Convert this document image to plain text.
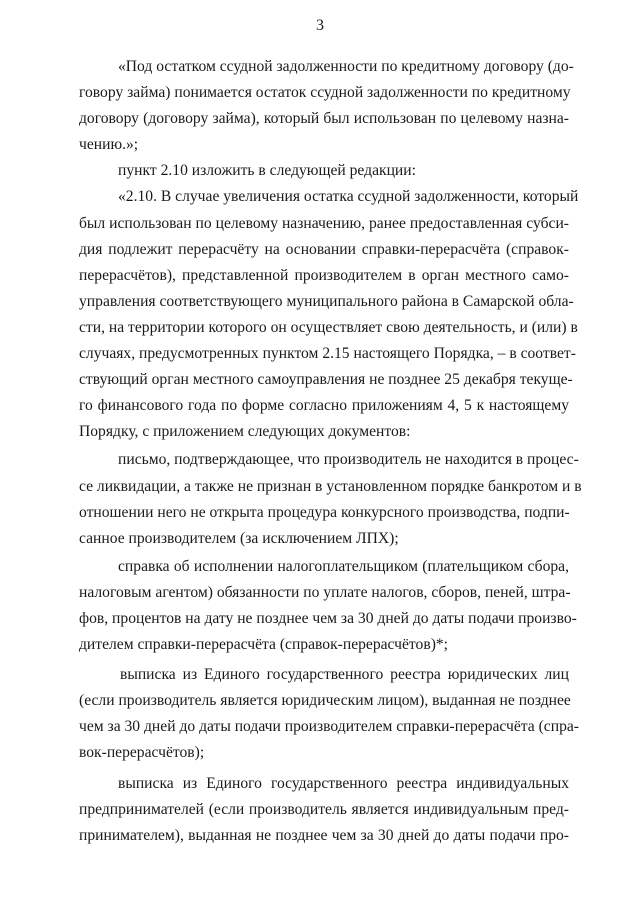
3
«Под остатком ссудной задолженности по кредитному договору (до-
говору займа) понимается остаток ссудной задолженности по кредитному
договору (договору займа), который был использован по целевому назна-
чению.»;
пункт 2.10 изложить в следующей редакции:
«2.10. В случае увеличения остатка ссудной задолженности, который
был использован по целевому назначению, ранее предоставленная субси-
дия подлежит перерасчёту на основании справки-перерасчёта (справок-
перерасчётов), представленной производителем в орган местного само-
управления соответствующего муниципального района в Самарской обла-
сти, на территории которого он осуществляет свою деятельность, и (или) в
случаях, предусмотренных пунктом 2.15 настоящего Порядка, – в соответ-
ствующий орган местного самоуправления не позднее 25 декабря текуще-
го финансового года по форме согласно приложениям 4, 5 к настоящему
Порядку, с приложением следующих документов:
письмо, подтверждающее, что производитель не находится в процес-
се ликвидации, а также не признан в установленном порядке банкротом и в
отношении него не открыта процедура конкурсного производства, подпи-
санное производителем (за исключением ЛПХ);
справка об исполнении налогоплательщиком (плательщиком сбора,
налоговым агентом) обязанности по уплате налогов, сборов, пеней, штра-
фов, процентов на дату не позднее чем за 30 дней до даты подачи произво-
дителем справки-перерасчёта (справок-перерасчётов)*;
выписка из Единого государственного реестра юридических лиц
(если производитель является юридическим лицом), выданная не позднее
чем за 30 дней до даты подачи производителем справки-перерасчёта (спра-
вок-перерасчётов);
выписка из Единого государственного реестра индивидуальных
предпринимателей (если производитель является индивидуальным пред-
принимателем), выданная не позднее чем за 30 дней до даты подачи про-
